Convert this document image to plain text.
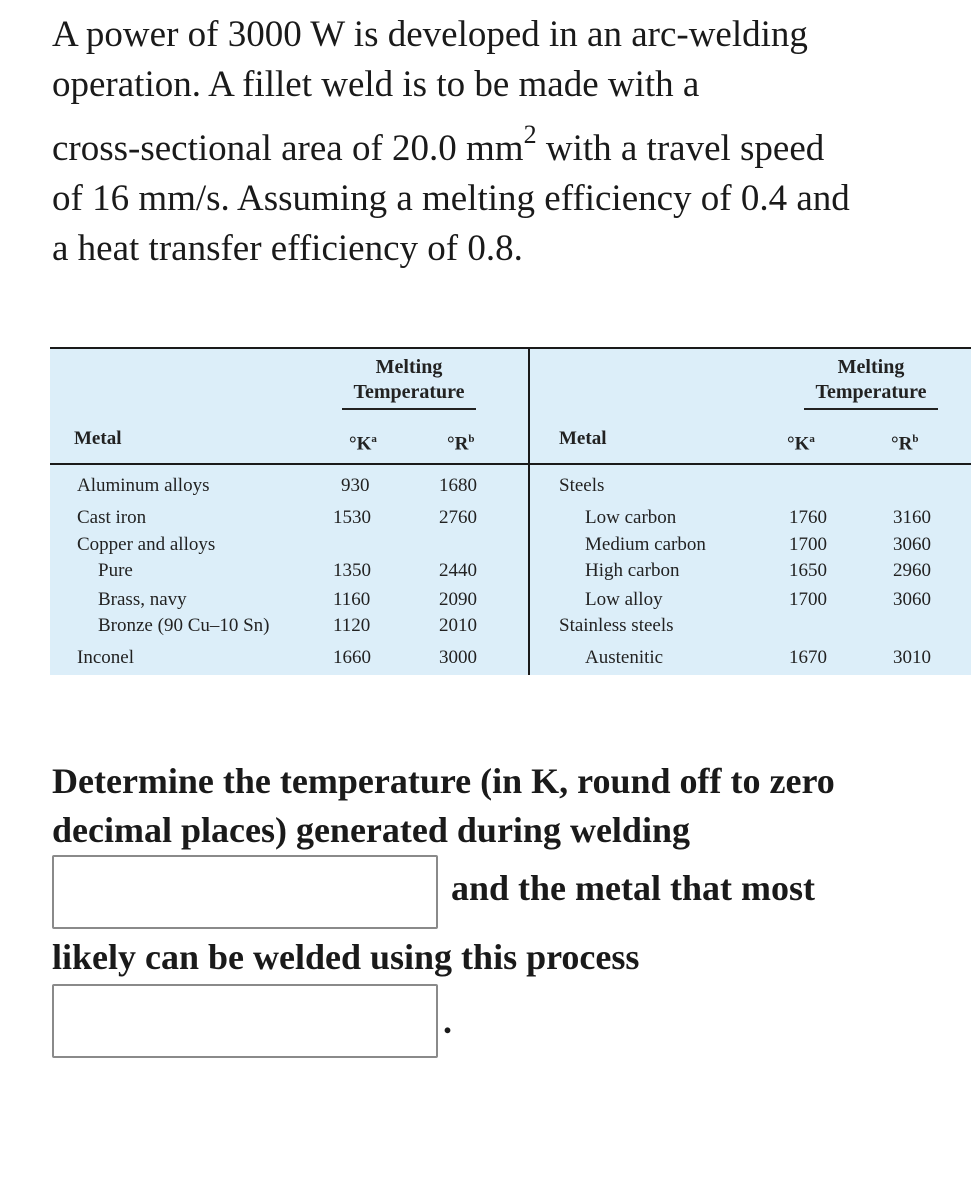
A power of 3000 W is developed in an arc-welding
operation. A fillet weld is to be made with a
cross-sectional area of 20.0 $mm^2$ with a travel speed
of 16 mm/s. Assuming a melting efficiency of 0.4 and
a heat transfer efficiency of 0.8.
Melting
Temperature
Metal	$^\circ K^a$	$^\circ R^b$
Melting
Temperature
Metal	$^\circ K^a$	$^\circ R^b$
Aluminum alloys	930	1680
Cast iron	1530	2760
Copper and alloys
Pure	1350	2440
Brass, navy	1160	2090
Bronze (90 Cu–10 Sn)	1120	2010
Inconel	1660	3000
Steels
Low carbon	1760	3160
Medium carbon	1700	3060
High carbon	1650	2960
Low alloy	1700	3060
Stainless steels
Austenitic	1670	3010
Determine the temperature (in K, round off to zero
decimal places) generated during welding
and the metal that most
likely can be welded using this process
.
